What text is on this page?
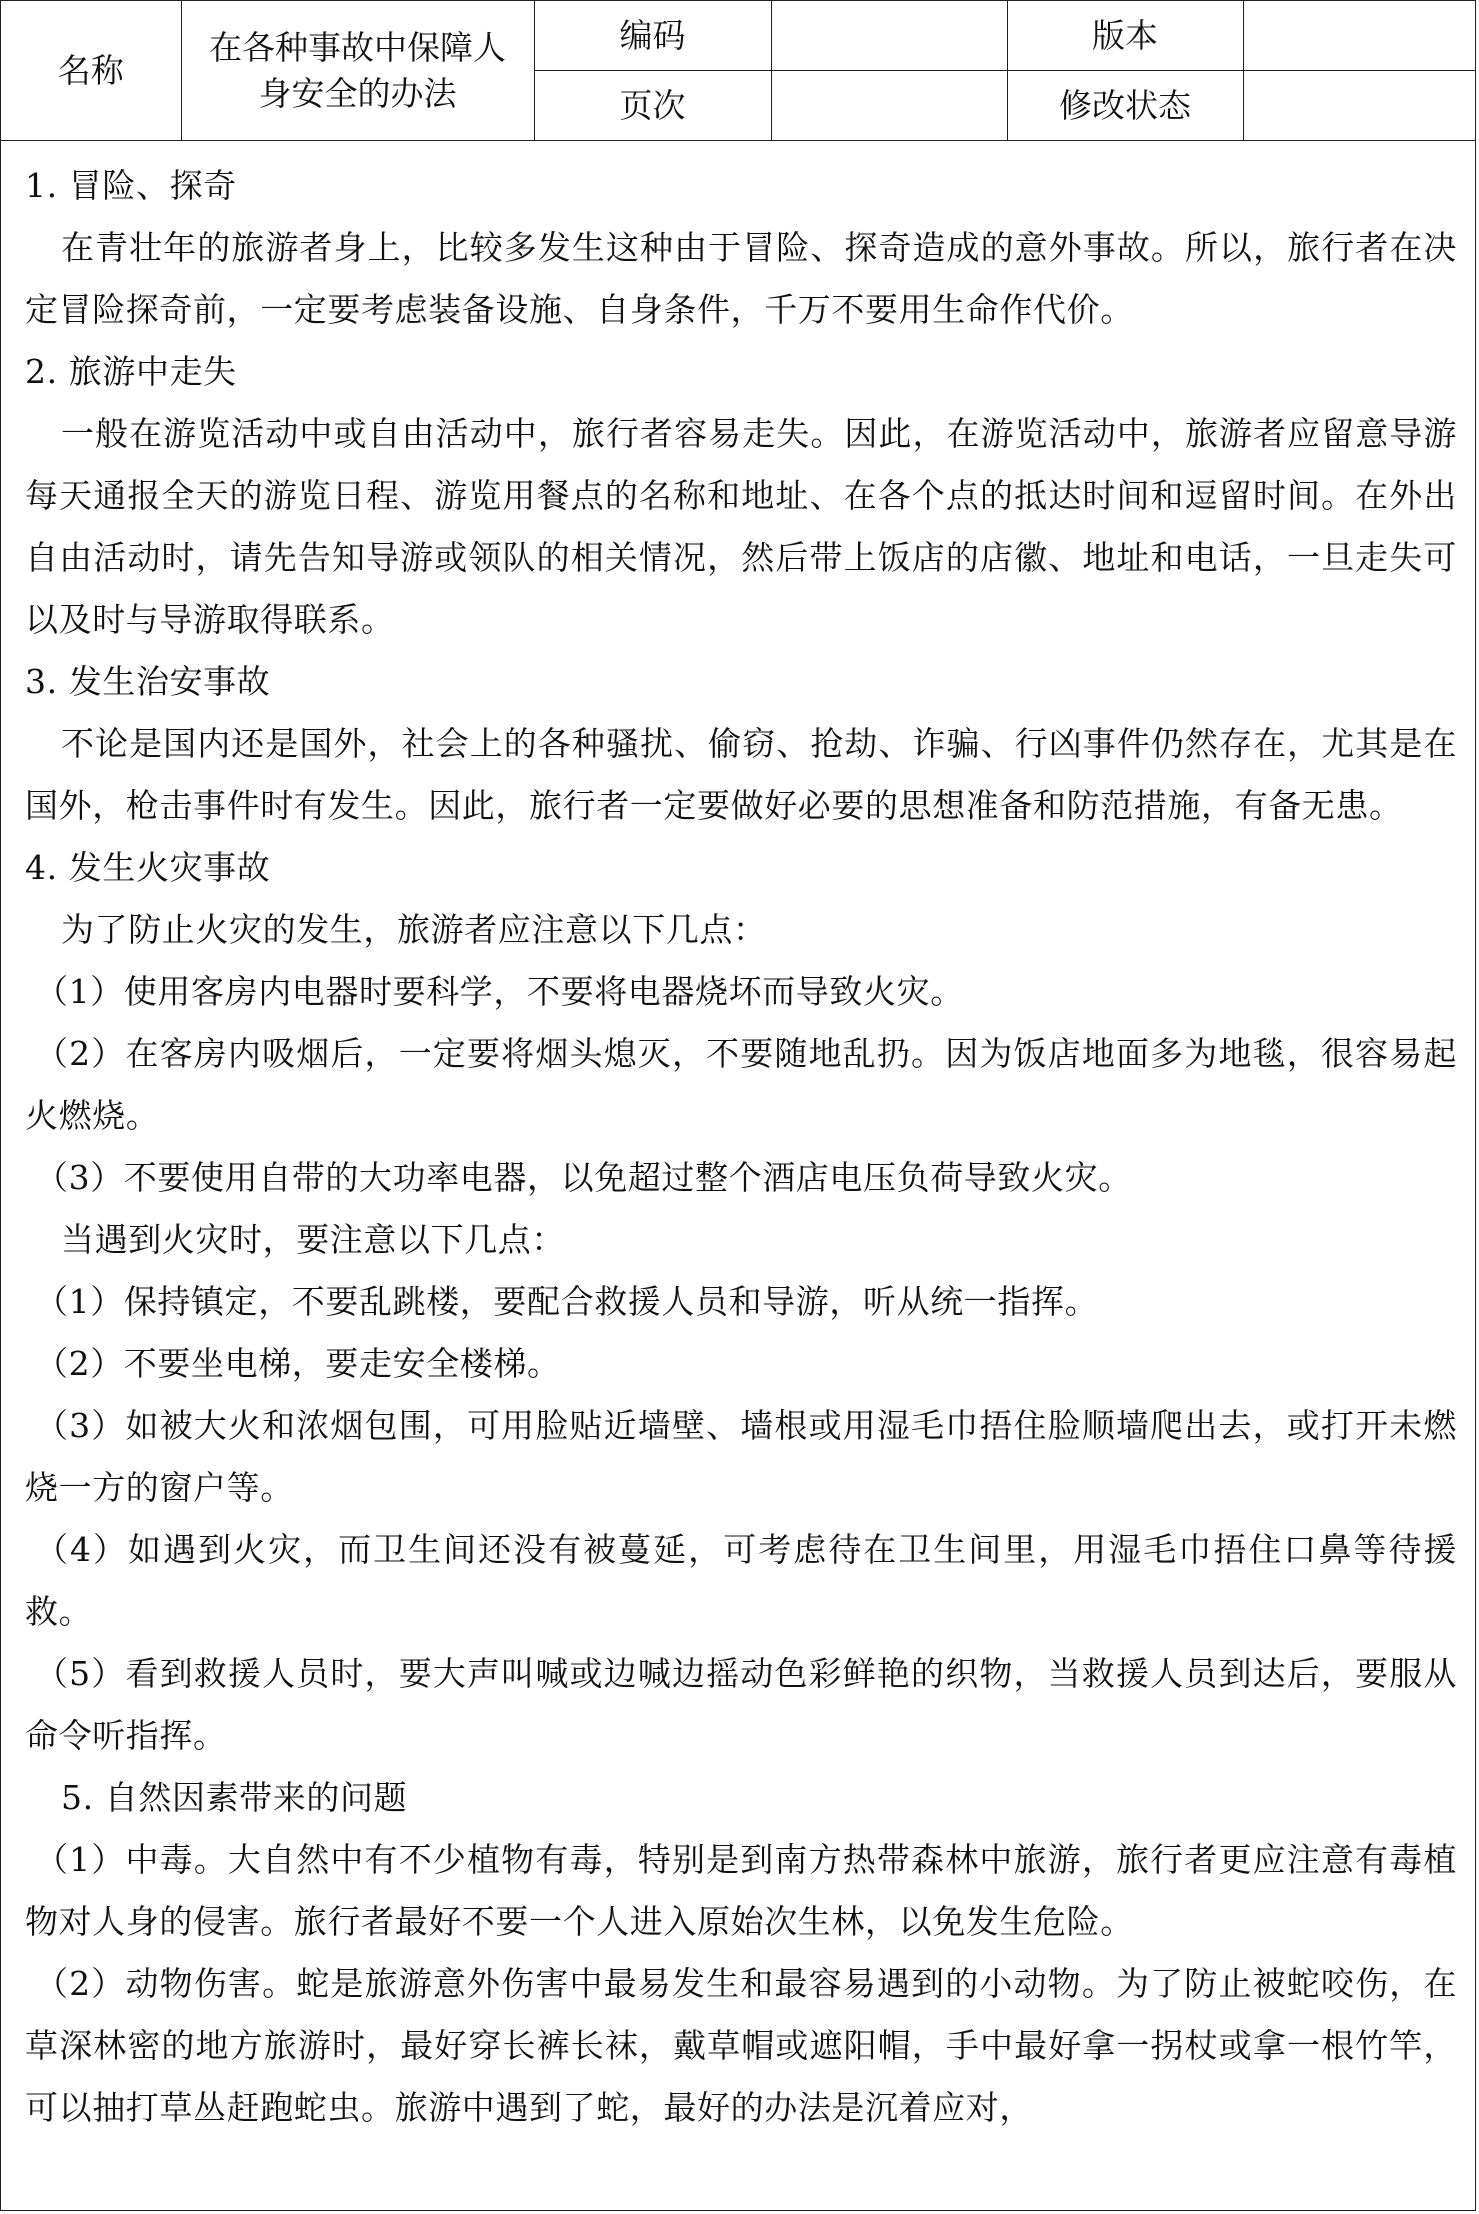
名称	在各种事故中保障人身安全的办法	编码		版本	
		页次		修改状态	

1. 冒险、探奇

在青壮年的旅游者身上，比较多发生这种由于冒险、探奇造成的意外事故。所以，旅行者在决定冒险探奇前，一定要考虑装备设施、自身条件，千万不要用生命作代价。

2. 旅游中走失

一般在游览活动中或自由活动中，旅行者容易走失。因此，在游览活动中，旅游者应留意导游每天通报全天的游览日程、游览用餐点的名称和地址、在各个点的抵达时间和逗留时间。在外出自由活动时，请先告知导游或领队的相关情况，然后带上饭店的店徽、地址和电话，一旦走失可以及时与导游取得联系。

3. 发生治安事故

不论是国内还是国外，社会上的各种骚扰、偷窃、抢劫、诈骗、行凶事件仍然存在，尤其是在国外，枪击事件时有发生。因此，旅行者一定要做好必要的思想准备和防范措施，有备无患。

4. 发生火灾事故

为了防止火灾的发生，旅游者应注意以下几点：

（1）使用客房内电器时要科学，不要将电器烧坏而导致火灾。

（2）在客房内吸烟后，一定要将烟头熄灭，不要随地乱扔。因为饭店地面多为地毯，很容易起火燃烧。

（3）不要使用自带的大功率电器，以免超过整个酒店电压负荷导致火灾。

当遇到火灾时，要注意以下几点：

（1）保持镇定，不要乱跳楼，要配合救援人员和导游，听从统一指挥。

（2）不要坐电梯，要走安全楼梯。

（3）如被大火和浓烟包围，可用脸贴近墙壁、墙根或用湿毛巾捂住脸顺墙爬出去，或打开未燃烧一方的窗户等。

（4）如遇到火灾，而卫生间还没有被蔓延，可考虑待在卫生间里，用湿毛巾捂住口鼻等待援救。

（5）看到救援人员时，要大声叫喊或边喊边摇动色彩鲜艳的织物，当救援人员到达后，要服从命令听指挥。

5. 自然因素带来的问题

（1）中毒。大自然中有不少植物有毒，特别是到南方热带森林中旅游，旅行者更应注意有毒植物对人身的侵害。旅行者最好不要一个人进入原始次生林，以免发生危险。

（2）动物伤害。蛇是旅游意外伤害中最易发生和最容易遇到的小动物。为了防止被蛇咬伤，在草深林密的地方旅游时，最好穿长裤长袜，戴草帽或遮阳帽，手中最好拿一拐杖或拿一根竹竿，可以抽打草丛赶跑蛇虫。旅游中遇到了蛇，最好的办法是沉着应对，
